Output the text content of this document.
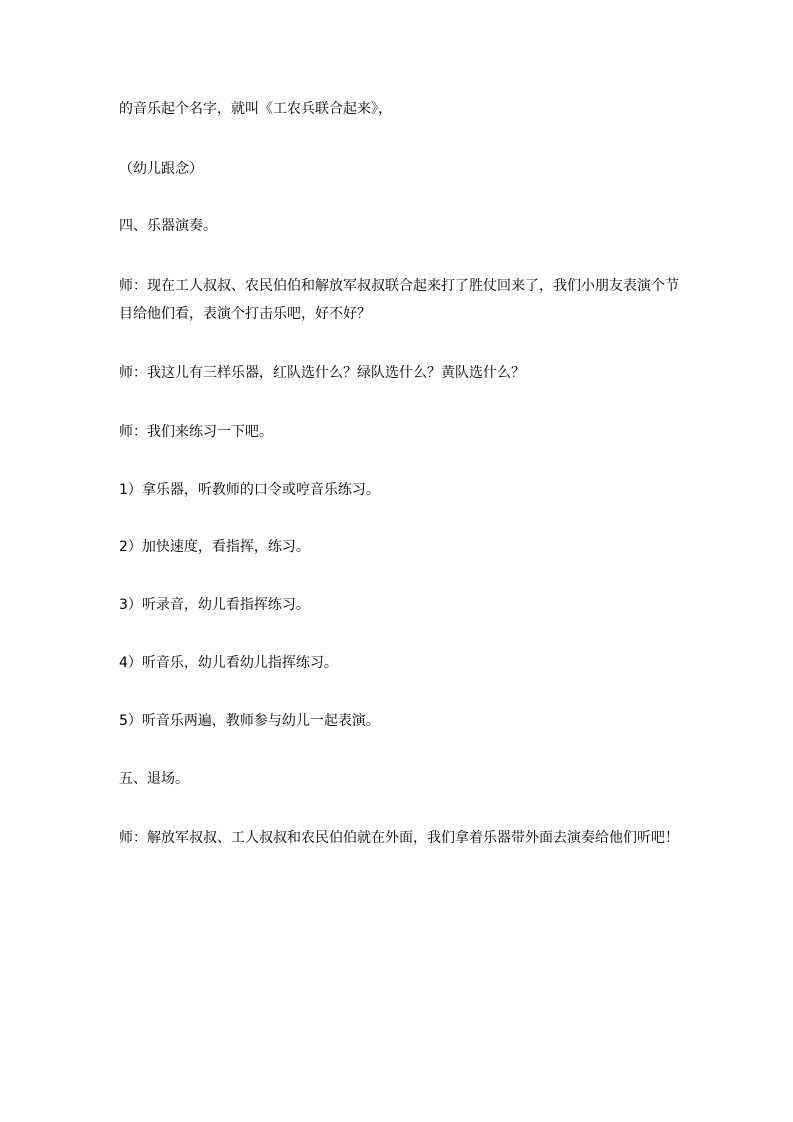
的音乐起个名字，就叫《工农兵联合起来》，

（幼儿跟念）

四、乐器演奏。

师：现在工人叔叔、农民伯伯和解放军叔叔联合起来打了胜仗回来了，我们小朋友表演个节目给他们看，表演个打击乐吧，好不好？

师：我这儿有三样乐器，红队选什么？绿队选什么？黄队选什么？

师：我们来练习一下吧。

1）拿乐器，听教师的口令或哼音乐练习。

2）加快速度，看指挥，练习。

3）听录音，幼儿看指挥练习。

4）听音乐，幼儿看幼儿指挥练习。

5）听音乐两遍，教师参与幼儿一起表演。

五、退场。

师：解放军叔叔、工人叔叔和农民伯伯就在外面，我们拿着乐器带外面去演奏给他们听吧！
